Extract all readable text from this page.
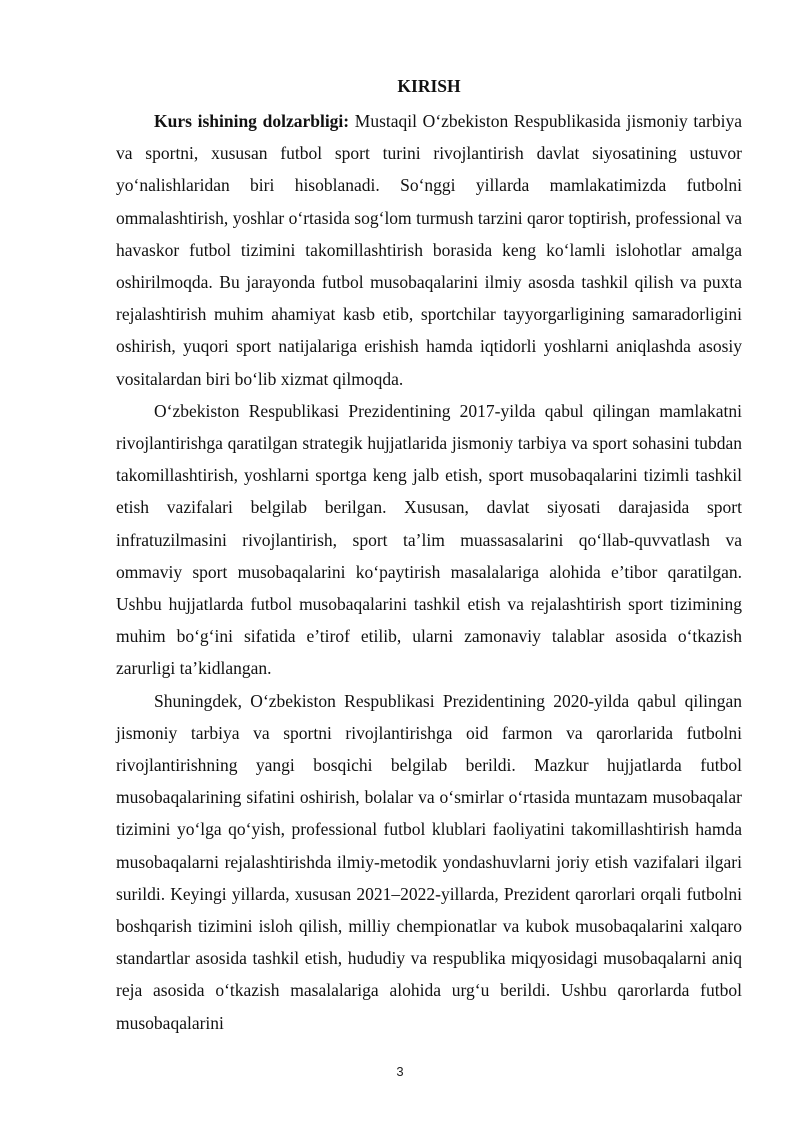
KIRISH

Kurs ishining dolzarbligi: Mustaqil O‘zbekiston Respublikasida jismoniy tarbiya va sportni, xususan futbol sport turini rivojlantirish davlat siyosatining ustuvor yo‘nalishlaridan biri hisoblanadi. So‘nggi yillarda mamlakatimizda futbolni ommalashtirish, yoshlar o‘rtasida sog‘lom turmush tarzini qaror toptirish, professional va havaskor futbol tizimini takomillashtirish borasida keng ko‘lamli islohotlar amalga oshirilmoqda. Bu jarayonda futbol musobaqalarini ilmiy asosda tashkil qilish va puxta rejalashtirish muhim ahamiyat kasb etib, sportchilar tayyorgarligining samaradorligini oshirish, yuqori sport natijalariga erishish hamda iqtidorli yoshlarni aniqlashda asosiy vositalardan biri bo‘lib xizmat qilmoqda.

O‘zbekiston Respublikasi Prezidentining 2017-yilda qabul qilingan mamlakatni rivojlantirishga qaratilgan strategik hujjatlarida jismoniy tarbiya va sport sohasini tubdan takomillashtirish, yoshlarni sportga keng jalb etish, sport musobaqalarini tizimli tashkil etish vazifalari belgilab berilgan. Xususan, davlat siyosati darajasida sport infratuzilmasini rivojlantirish, sport ta’lim muassasalarini qo‘llab-quvvatlash va ommaviy sport musobaqalarini ko‘paytirish masalalariga alohida e’tibor qaratilgan. Ushbu hujjatlarda futbol musobaqalarini tashkil etish va rejalashtirish sport tizimining muhim bo‘g‘ini sifatida e’tirof etilib, ularni zamonaviy talablar asosida o‘tkazish zarurligi ta’kidlangan.

Shuningdek, O‘zbekiston Respublikasi Prezidentining 2020-yilda qabul qilingan jismoniy tarbiya va sportni rivojlantirishga oid farmon va qarorlarida futbolni rivojlantirishning yangi bosqichi belgilab berildi. Mazkur hujjatlarda futbol musobaqalarining sifatini oshirish, bolalar va o‘smirlar o‘rtasida muntazam musobaqalar tizimini yo‘lga qo‘yish, professional futbol klublari faoliyatini takomillashtirish hamda musobaqalarni rejalashtirishda ilmiy-metodik yondashuvlarni joriy etish vazifalari ilgari surildi. Keyingi yillarda, xususan 2021–2022-yillarda, Prezident qarorlari orqali futbolni boshqarish tizimini isloh qilish, milliy chempionatlar va kubok musobaqalarini xalqaro standartlar asosida tashkil etish, hududiy va respublika miqyosidagi musobaqalarni aniq reja asosida o‘tkazish masalalariga alohida urg‘u berildi. Ushbu qarorlarda futbol musobaqalarini

3
